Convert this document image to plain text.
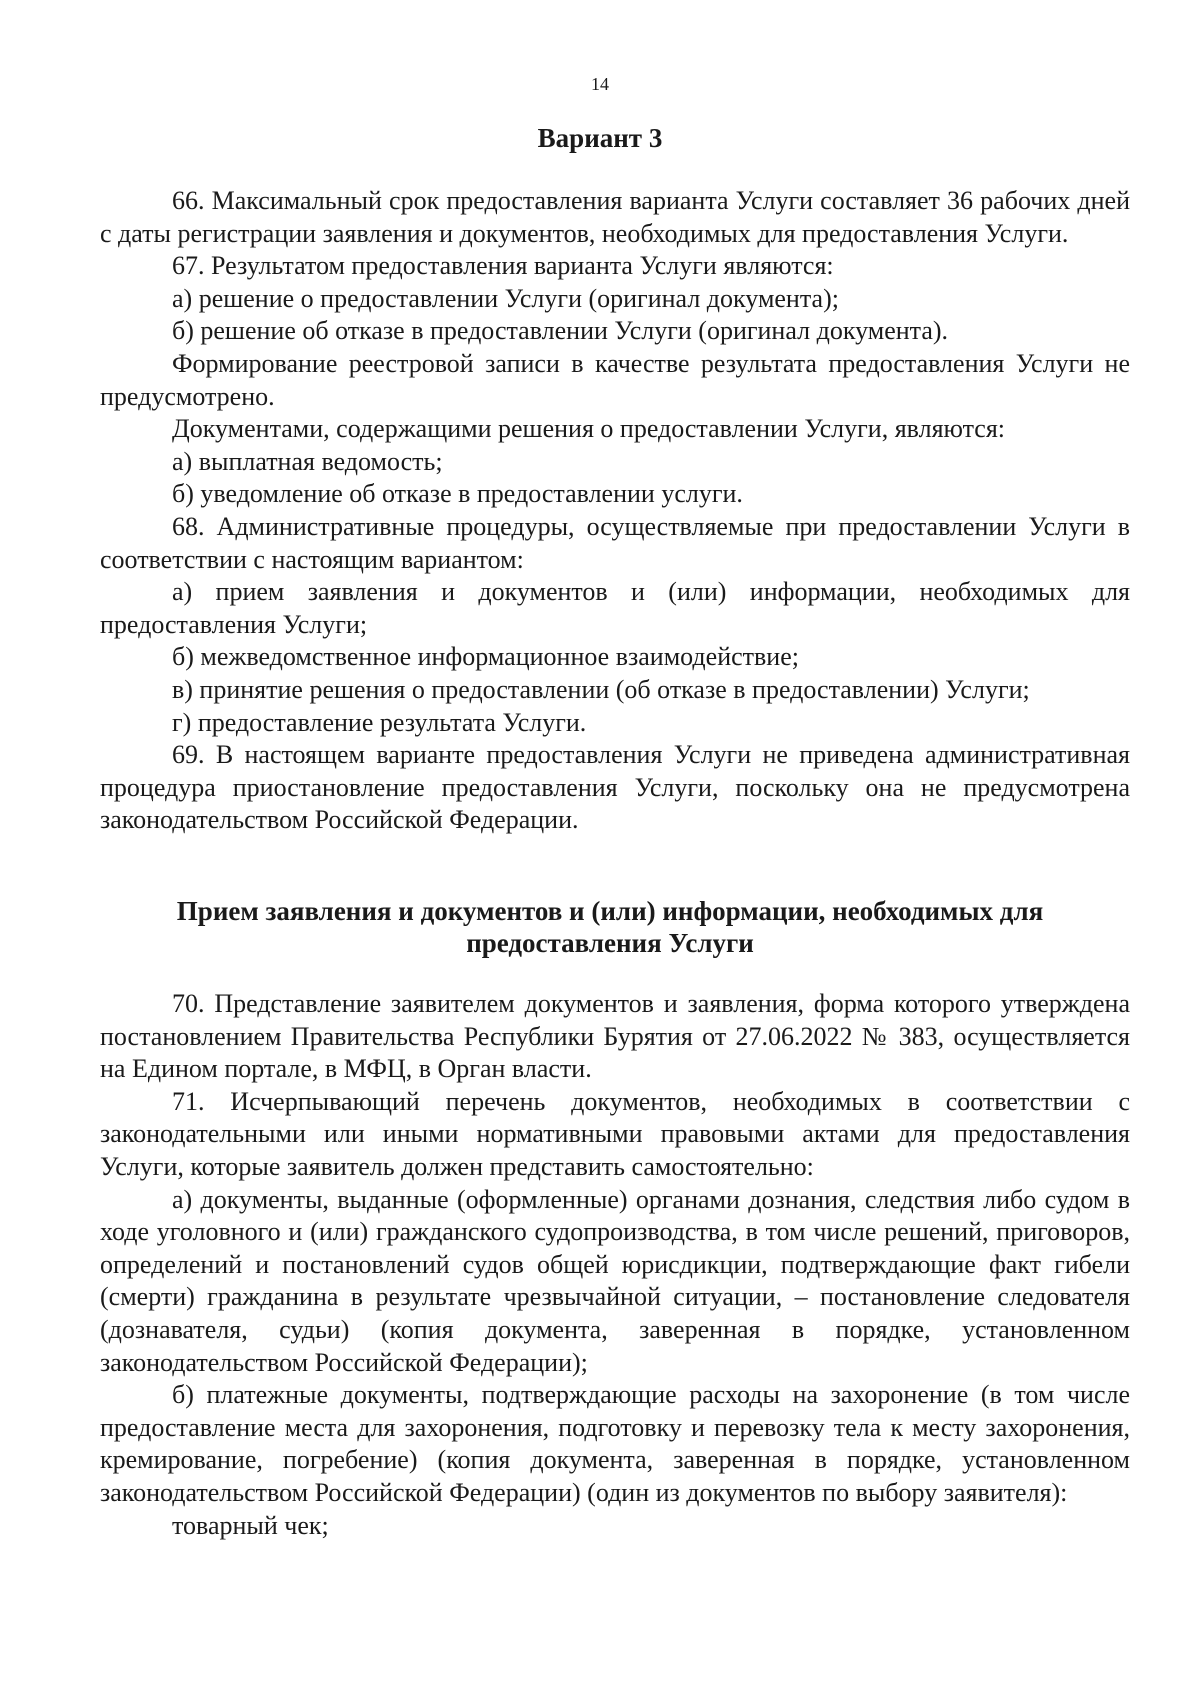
14
Вариант 3

66. Максимальный срок предоставления варианта Услуги составляет 36 рабочих дней с даты регистрации заявления и документов, необходимых для предоставления Услуги.

67. Результатом предоставления варианта Услуги являются:

а) решение о предоставлении Услуги (оригинал документа);

б) решение об отказе в предоставлении Услуги (оригинал документа).

Формирование реестровой записи в качестве результата предоставления Услуги не предусмотрено.

Документами, содержащими решения о предоставлении Услуги, являются:

а) выплатная ведомость;

б) уведомление об отказе в предоставлении услуги.

68. Административные процедуры, осуществляемые при предоставлении Услуги в соответствии с настоящим вариантом:

а) прием заявления и документов и (или) информации, необходимых для предоставления Услуги;

б) межведомственное информационное взаимодействие;

в) принятие решения о предоставлении (об отказе в предоставлении) Услуги;

г) предоставление результата Услуги.

69. В настоящем варианте предоставления Услуги не приведена административная процедура приостановление предоставления Услуги, поскольку она не предусмотрена законодательством Российской Федерации.

Прием заявления и документов и (или) информации, необходимых для предоставления Услуги

70. Представление заявителем документов и заявления, форма которого утверждена постановлением Правительства Республики Бурятия от 27.06.2022 № 383, осуществляется на Едином портале, в МФЦ, в Орган власти.

71. Исчерпывающий перечень документов, необходимых в соответствии с законодательными или иными нормативными правовыми актами для предоставления Услуги, которые заявитель должен представить самостоятельно:

а) документы, выданные (оформленные) органами дознания, следствия либо судом в ходе уголовного и (или) гражданского судопроизводства, в том числе решений, приговоров, определений и постановлений судов общей юрисдикции, подтверждающие факт гибели (смерти) гражданина в результате чрезвычайной ситуации, – постановление следователя (дознавателя, судьи) (копия документа, заверенная в порядке, установленном законодательством Российской Федерации);

б) платежные документы, подтверждающие расходы на захоронение (в том числе предоставление места для захоронения, подготовку и перевозку тела к месту захоронения, кремирование, погребение) (копия документа, заверенная в порядке, установленном законодательством Российской Федерации) (один из документов по выбору заявителя):

товарный чек;
